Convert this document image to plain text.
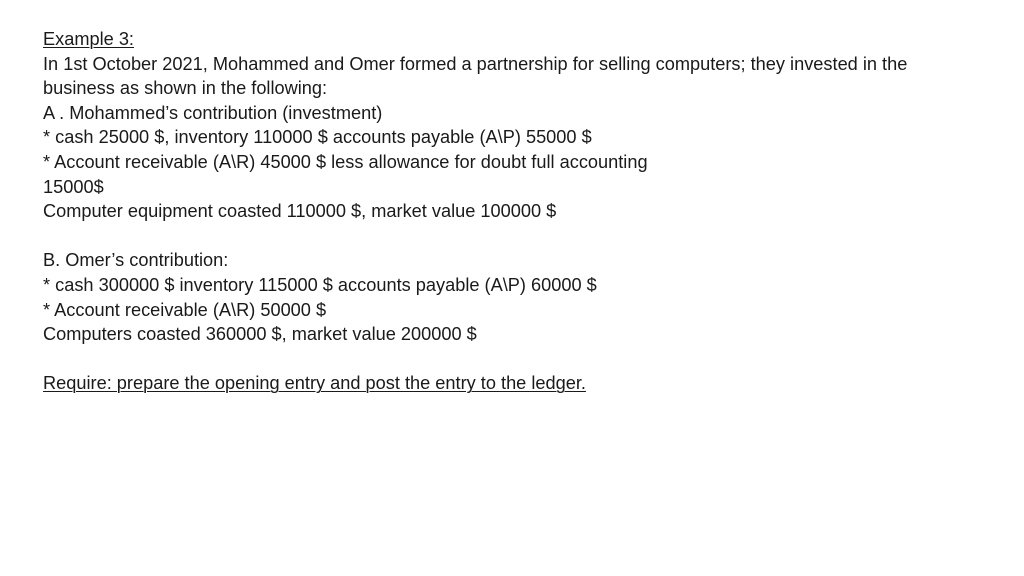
Example 3:
In 1st October 2021, Mohammed and Omer formed a partnership for selling computers; they invested in the
business as shown in the following:
A . Mohammed’s contribution (investment)
* cash 25000 $, inventory 110000 $ accounts payable (A\P) 55000 $
* Account receivable (A\R) 45000 $ less allowance for doubt full accounting
15000$
Computer equipment coasted 110000 $, market value 100000 $
B. Omer’s contribution:
* cash 300000 $ inventory 115000 $ accounts payable (A\P) 60000 $
* Account receivable (A\R) 50000 $
Computers coasted 360000 $, market value 200000 $
Require: prepare the opening entry and post the entry to the ledger.
